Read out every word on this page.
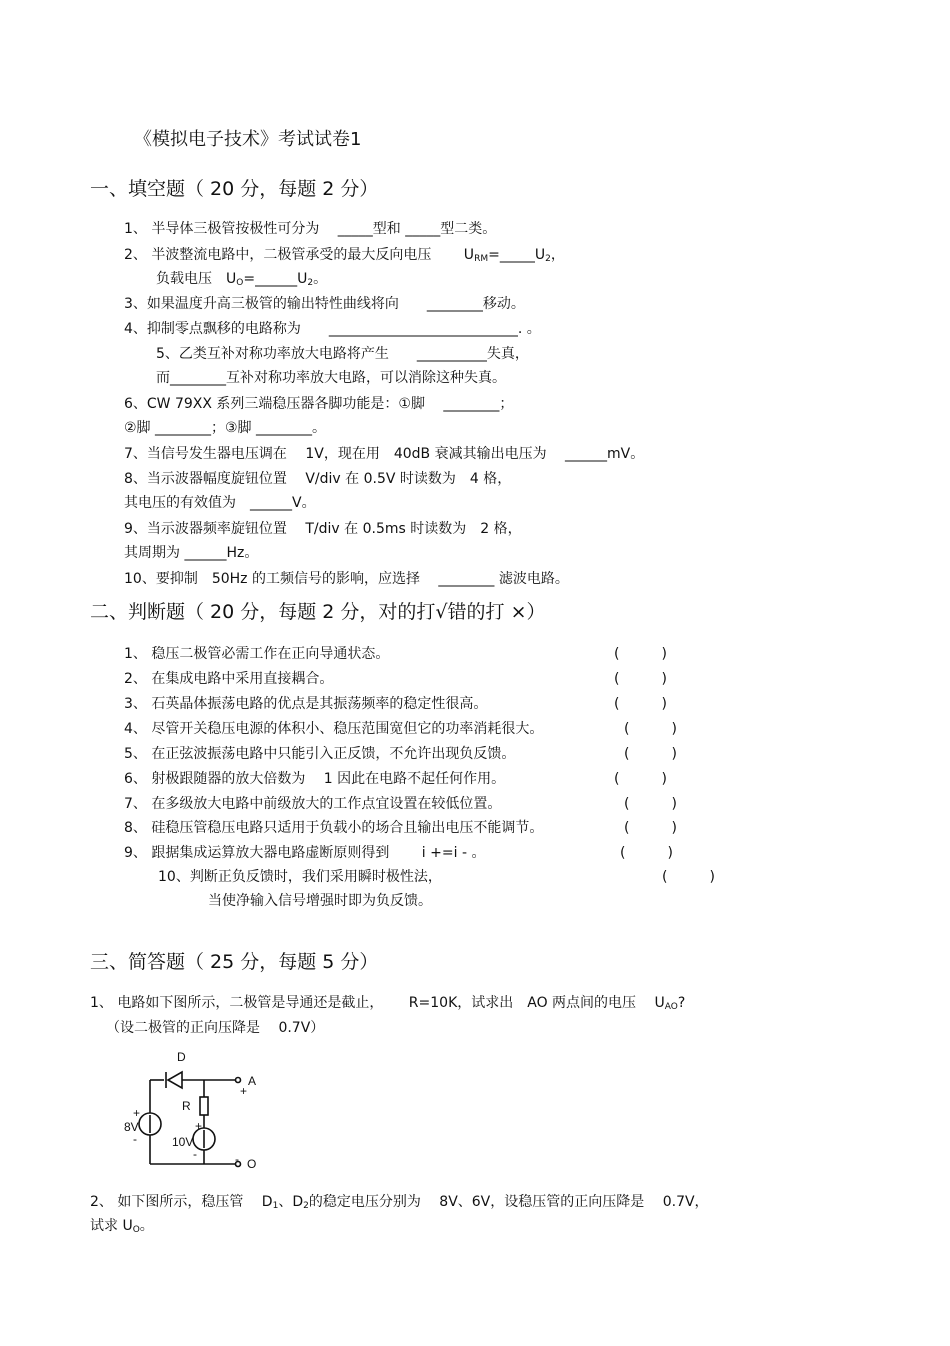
《模拟电子技术》考试试卷1
一、填空题（ 20 分，每题 2 分）
1、 半导体三极管按极性可分为　 _____型和 _____型二类。
2、 半波整流电路中，二极管承受的最大反向电压　　 $U_{RM}=\_\_\_\_\_U_2$，
负载电压　$U_O=\_\_\_\_\_\_U_2$。
3、如果温度升高三极管的输出特性曲线将向　　________移动。
4、抑制零点飘移的电路称为　　___________________________. 。
5、乙类互补对称功率放大电路将产生　　__________失真，
而________互补对称功率放大电路，可以消除这种失真。
6、CW 79XX 系列三端稳压器各脚功能是：①脚　 ________；
②脚 ________；③脚 ________。
7、当信号发生器电压调在　 1V，现在用　40dB 衰减其输出电压为　 ______mV。
8、当示波器幅度旋钮位置　 V/div 在 0.5V 时读数为　4 格，
其电压的有效值为　______V。
9、当示波器频率旋钮位置　 T/div 在 0.5ms 时读数为　2 格，
其周期为 ______Hz。
10、要抑制　50Hz 的工频信号的影响，应选择　 ________ 滤波电路。
二、判断题（ 20 分，每题 2 分，对的打√错的打 ×）
1、 稳压二极管必需工作在正向导通状态。	(　　　)
2、 在集成电路中采用直接耦合。	(　　　)
3、 石英晶体振荡电路的优点是其振荡频率的稳定性很高。	(　　　)
4、 尽管开关稳压电源的体积小、稳压范围宽但它的功率消耗很大。	(　　　)
5、 在正弦波振荡电路中只能引入正反馈，不允许出现负反馈。	(　　　)
6、 射极跟随器的放大倍数为　 1 因此在电路不起任何作用。	(　　　)
7、 在多级放大电路中前级放大的工作点宜设置在较低位置。	(　　　)
8、 硅稳压管稳压电路只适用于负载小的场合且输出电压不能调节。	(　　　)
9、 跟据集成运算放大器电路虚断原则得到　　 i +=i - 。	(　　　)
10、判断正负反馈时，我们采用瞬时极性法，	(　　　)
当使净输入信号增强时即为负反馈。
三、简答题（ 25 分，每题 5 分）
1、 电路如下图所示，二极管是导通还是截止，　　 R=10K，试求出　AO 两点间的电压　 $U_{AO}$?
（设二极管的正向压降是　 0.7V）
D
R
8V
10V
A
O
+
-
+
-
+
-
2、 如下图所示，稳压管　 $D_1$、$D_2$的稳定电压分别为　 8V、6V，设稳压管的正向压降是　 0.7V，
试求 $U_O$。
